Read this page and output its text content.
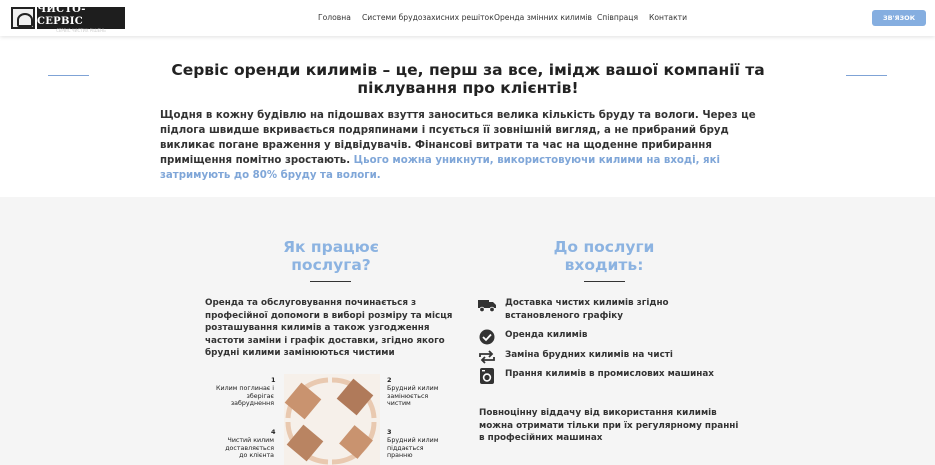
ЧИСТО-СЕРВІС
СЕРВІС ЧИСТИХ РІШЕНЬ
Головна Системи брудозахисних решіток Оренда змінних килимів Співпраця Контакти	ЗВ'ЯЗОК
Сервіс оренди килимів – це, перш за все, імідж вашої компанії та піклування про клієнтів!
Щодня в кожну будівлю на підошвах взуття заноситься велика кількість бруду та вологи. Через це підлога швидше вкривається подряпинами і псується її зовнішній вигляд, а не прибраний бруд викликає погане враження у відвідувачів. Фінансові витрати та час на щоденне прибирання приміщення помітно зростають. Цього можна уникнути, використовуючи килими на вході, які затримують до 80% бруду та вологи.
Як працює послуга?
Оренда та обслуговування починається з професійної допомоги в виборі розміру та місця розташування килимів а також узгодження частоти заміни і графік доставки, згідно якого брудні килими замінюються чистими
До послуги входить:
Доставка чистих килимів згідно встановленого графіку
Оренда килимів
Заміна брудних килимів на чисті
Прання килимів в промислових машинах
Повноцінну віддачу від використання килимів можна отримати тільки при їх регулярному пранні в професійних машинах
1
Килим поглинає і зберігає забруднення
2
Брудний килим замінюється чистим
4
Чистий килим доставляється до клієнта
3
Брудний килим піддається пранню
